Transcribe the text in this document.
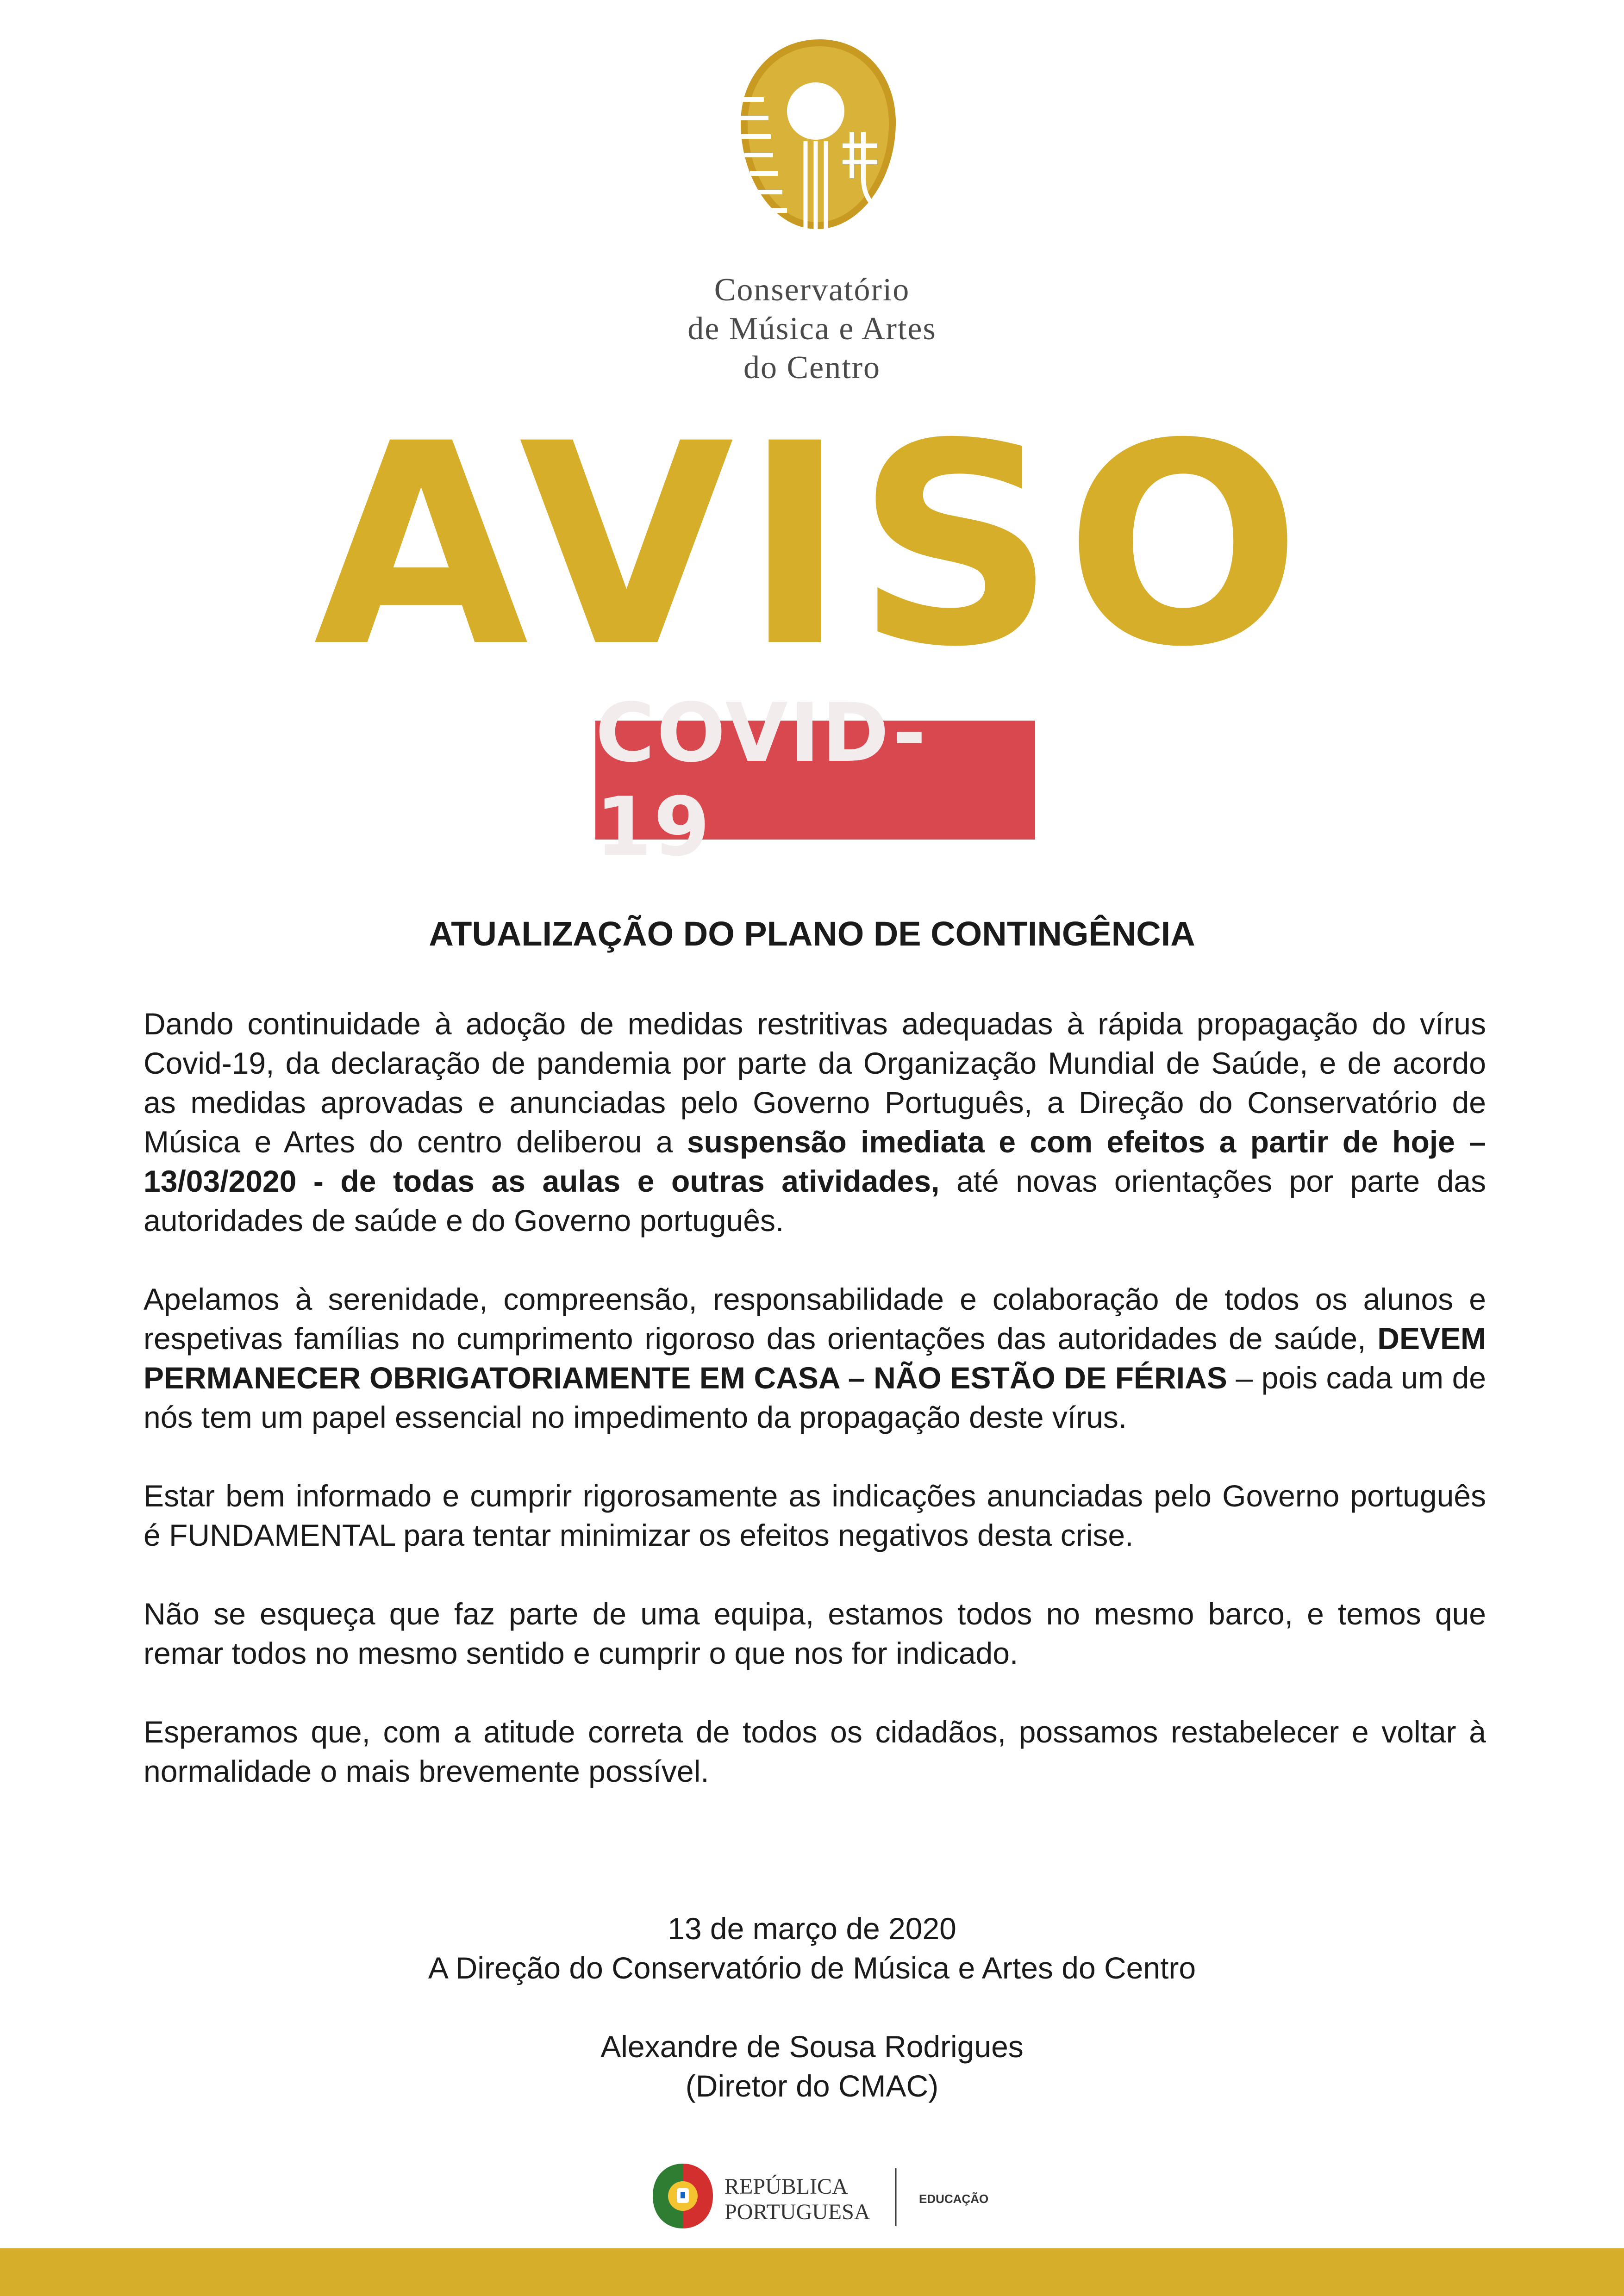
Conservatório
de Música e Artes
do Centro
AVISO
COVID-19
ATUALIZAÇÃO DO PLANO DE CONTINGÊNCIA

Dando continuidade à adoção de medidas restritivas adequadas à rápida propagação do vírus Covid-19, da declaração de pandemia por parte da Organização Mundial de Saúde, e de acordo as medidas aprovadas e anunciadas pelo Governo Português, a Direção do Conservatório de Música e Artes do centro deliberou a suspensão imediata e com efeitos a partir de hoje – 13/03/2020 - de todas as aulas e outras atividades, até novas orientações por parte das autoridades de saúde e do Governo português.

Apelamos à serenidade, compreensão, responsabilidade e colaboração de todos os alunos e respetivas famílias no cumprimento rigoroso das orientações das autoridades de saúde, DEVEM PERMANECER OBRIGATORIAMENTE EM CASA – NÃO ESTÃO DE FÉRIAS – pois cada um de nós tem um papel essencial no impedimento da propagação deste vírus.

Estar bem informado e cumprir rigorosamente as indicações anunciadas pelo Governo português é FUNDAMENTAL para tentar minimizar os efeitos negativos desta crise.

Não se esqueça que faz parte de uma equipa, estamos todos no mesmo barco, e temos que remar todos no mesmo sentido e cumprir o que nos for indicado.

Esperamos que, com a atitude correta de todos os cidadãos, possamos restabelecer e voltar à normalidade o mais brevemente possível.

13 de março de 2020
A Direção do Conservatório de Música e Artes do Centro
Alexandre de Sousa Rodrigues
(Diretor do CMAC)
REPÚBLICA
PORTUGUESA
EDUCAÇÃO
